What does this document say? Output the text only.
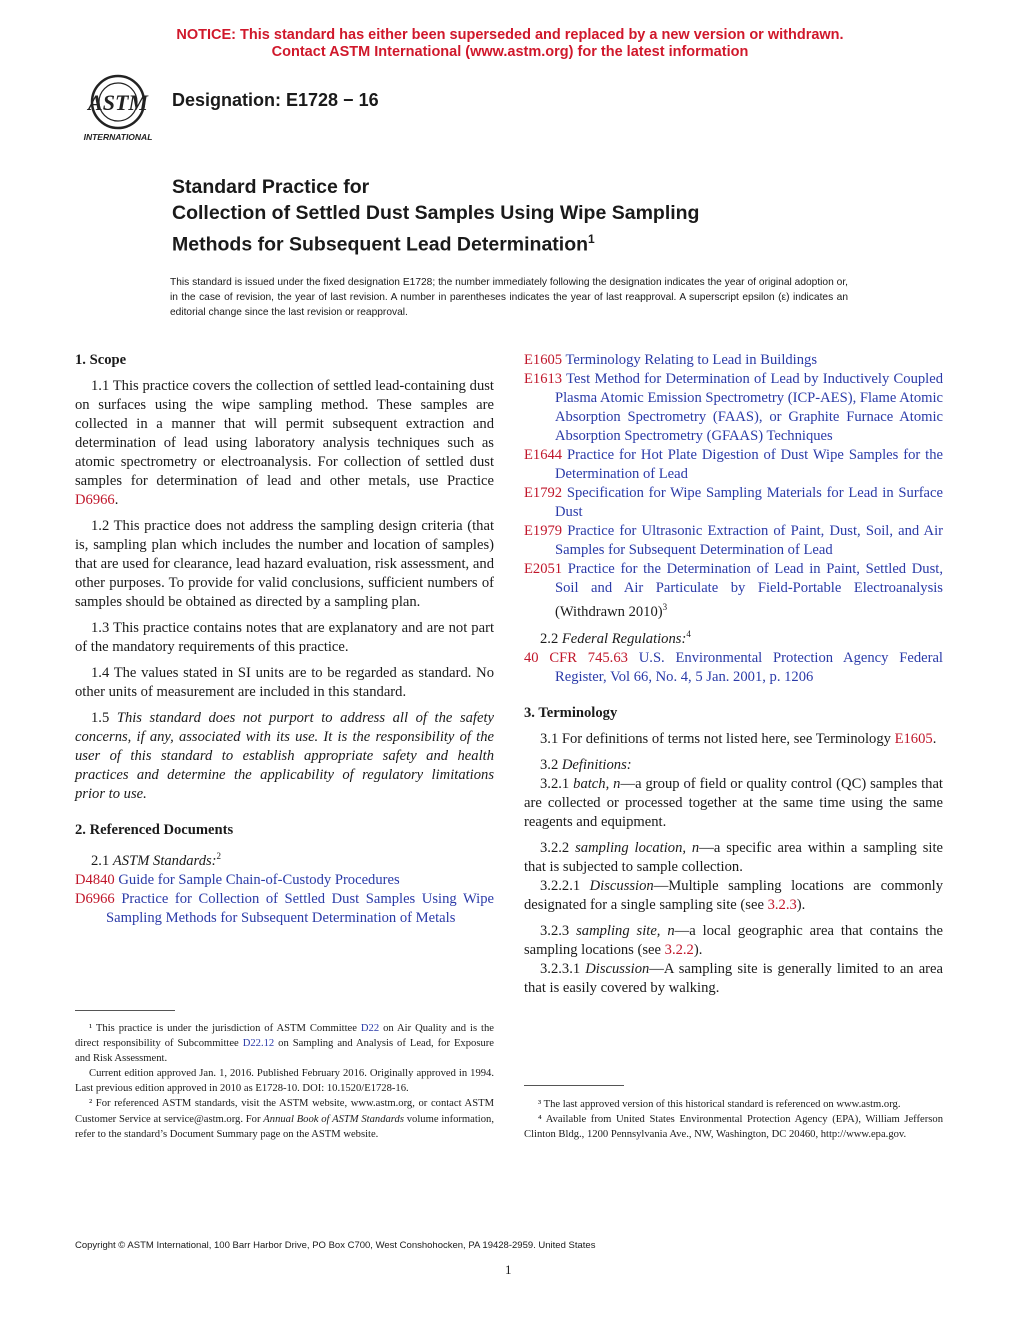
NOTICE: This standard has either been superseded and replaced by a new version or withdrawn.
Contact ASTM International (www.astm.org) for the latest information
ASTM
INTERNATIONAL
Designation: E1728 − 16
Standard Practice for
Collection of Settled Dust Samples Using Wipe Sampling
Methods for Subsequent Lead Determination$^1$
This standard is issued under the fixed designation E1728; the number immediately following the designation indicates the year of original adoption or, in the case of revision, the year of last revision. A number in parentheses indicates the year of last reapproval. A superscript epsilon (ε) indicates an editorial change since the last revision or reapproval.
1. Scope

1.1 This practice covers the collection of settled lead-containing dust on surfaces using the wipe sampling method. These samples are collected in a manner that will permit subsequent extraction and determination of lead using laboratory analysis techniques such as atomic spectrometry or electroanalysis. For collection of settled dust samples for determination of lead and other metals, use Practice D6966.

1.2 This practice does not address the sampling design criteria (that is, sampling plan which includes the number and location of samples) that are used for clearance, lead hazard evaluation, risk assessment, and other purposes. To provide for valid conclusions, sufficient numbers of samples should be obtained as directed by a sampling plan.

1.3 This practice contains notes that are explanatory and are not part of the mandatory requirements of this practice.

1.4 The values stated in SI units are to be regarded as standard. No other units of measurement are included in this standard.

1.5 This standard does not purport to address all of the safety concerns, if any, associated with its use. It is the responsibility of the user of this standard to establish appropriate safety and health practices and determine the applicability of regulatory limitations prior to use.

2. Referenced Documents

2.1 ASTM Standards:$^2$

D4840 Guide for Sample Chain-of-Custody Procedures

D6966 Practice for Collection of Settled Dust Samples Using Wipe Sampling Methods for Subsequent Determination of Metals

¹ This practice is under the jurisdiction of ASTM Committee D22 on Air Quality and is the direct responsibility of Subcommittee D22.12 on Sampling and Analysis of Lead, for Exposure and Risk Assessment.
Current edition approved Jan. 1, 2016. Published February 2016. Originally approved in 1994. Last previous edition approved in 2010 as E1728-10. DOI: 10.1520/E1728-16.
² For referenced ASTM standards, visit the ASTM website, www.astm.org, or contact ASTM Customer Service at service@astm.org. For Annual Book of ASTM Standards volume information, refer to the standard’s Document Summary page on the ASTM website.

E1605 Terminology Relating to Lead in Buildings

E1613 Test Method for Determination of Lead by Inductively Coupled Plasma Atomic Emission Spectrometry (ICP-AES), Flame Atomic Absorption Spectrometry (FAAS), or Graphite Furnace Atomic Absorption Spectrometry (GFAAS) Techniques

E1644 Practice for Hot Plate Digestion of Dust Wipe Samples for the Determination of Lead

E1792 Specification for Wipe Sampling Materials for Lead in Surface Dust

E1979 Practice for Ultrasonic Extraction of Paint, Dust, Soil, and Air Samples for Subsequent Determination of Lead

E2051 Practice for the Determination of Lead in Paint, Settled Dust, Soil and Air Particulate by Field-Portable Electroanalysis (Withdrawn 2010)$^3$

2.2 Federal Regulations:$^4$

40 CFR 745.63 U.S. Environmental Protection Agency Federal Register, Vol 66, No. 4, 5 Jan. 2001, p. 1206

3. Terminology

3.1 For definitions of terms not listed here, see Terminology E1605.

3.2 Definitions:

3.2.1 batch, n—a group of field or quality control (QC) samples that are collected or processed together at the same time using the same reagents and equipment.

3.2.2 sampling location, n—a specific area within a sampling site that is subjected to sample collection.

3.2.2.1 Discussion—Multiple sampling locations are commonly designated for a single sampling site (see 3.2.3).

3.2.3 sampling site, n—a local geographic area that contains the sampling locations (see 3.2.2).

3.2.3.1 Discussion—A sampling site is generally limited to an area that is easily covered by walking.

³ The last approved version of this historical standard is referenced on www.astm.org.
⁴ Available from United States Environmental Protection Agency (EPA), William Jefferson Clinton Bldg., 1200 Pennsylvania Ave., NW, Washington, DC 20460, http://www.epa.gov.
Copyright © ASTM International, 100 Barr Harbor Drive, PO Box C700, West Conshohocken, PA 19428-2959. United States
1
